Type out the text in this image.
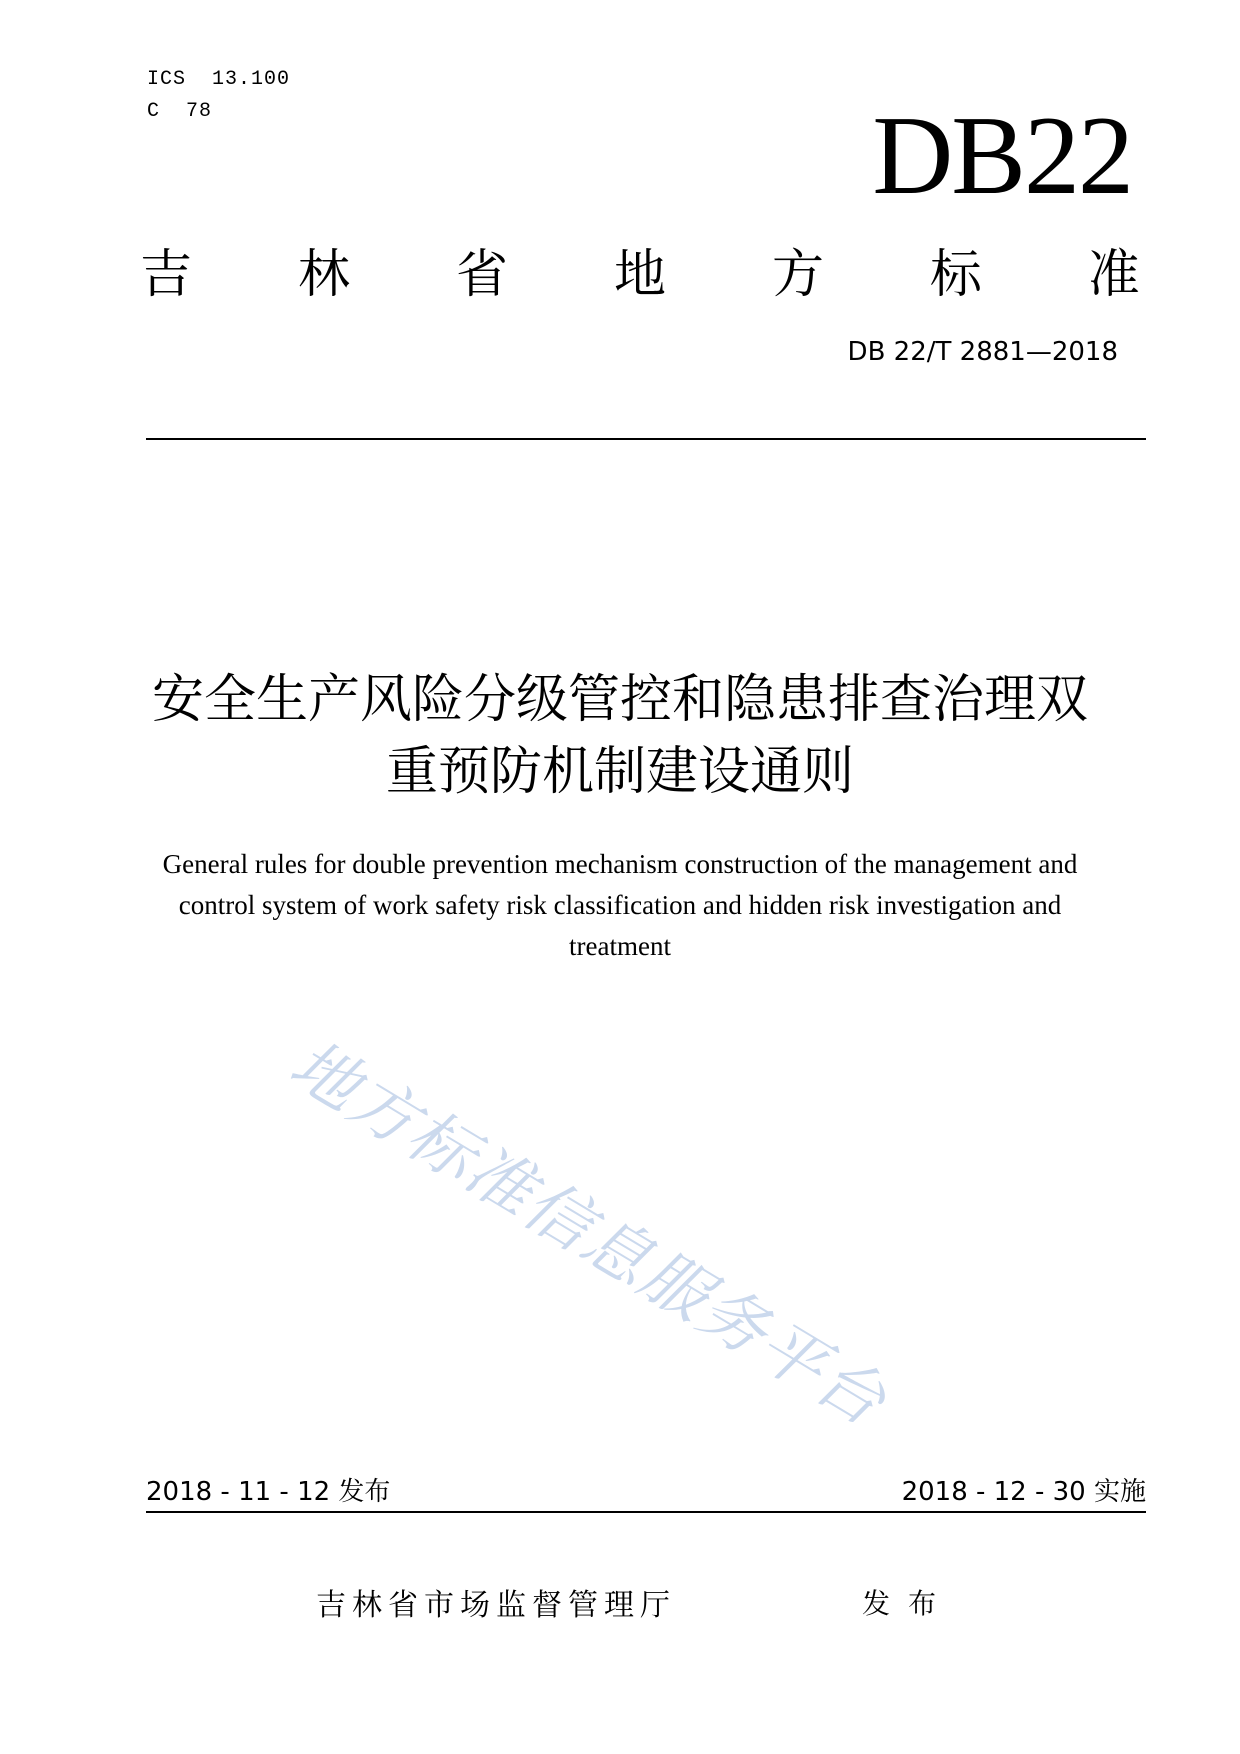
ICS  13.100
C  78	DB22
吉 林 省 地 方 标 准
DB 22/T 2881—2018
安全生产风险分级管控和隐患排查治理双
重预防机制建设通则
General rules for double prevention mechanism construction of the management and
control system of work safety risk classification and hidden risk investigation and
treatment
地方标准信息服务平台
2018 - 11 - 12 发布	2018 - 12 - 30 实施
吉林省市场监督管理厅	发布
